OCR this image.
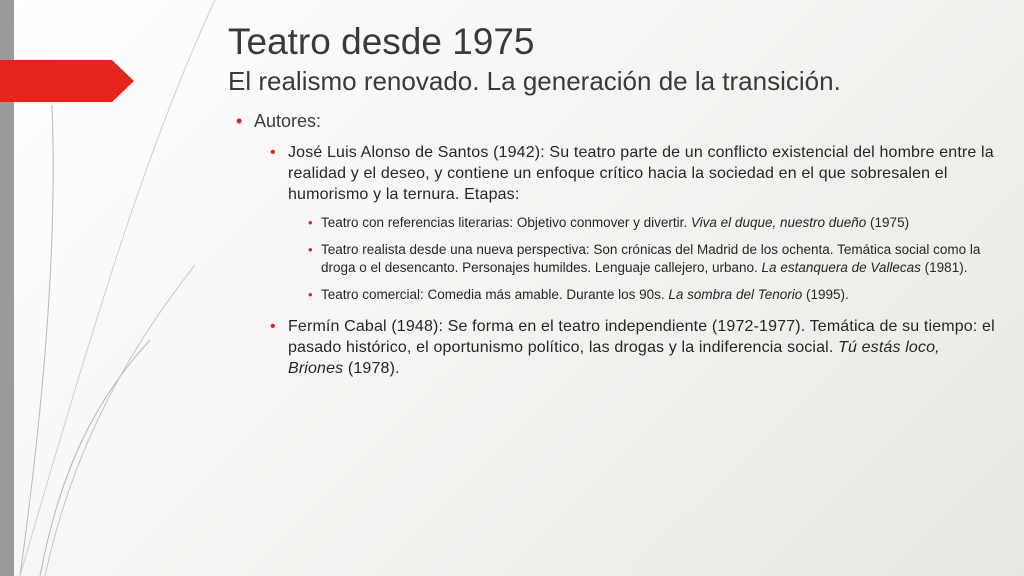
Teatro desde 1975
El realismo renovado. La generación de la transición.
• Autores:
• José Luis Alonso de Santos (1942): Su teatro parte de un conflicto existencial del hombre entre la realidad y el deseo, y contiene un enfoque crítico hacia la sociedad en el que sobresalen el humorismo y la ternura. Etapas:
• Teatro con referencias literarias: Objetivo conmover y divertir. Viva el duque, nuestro dueño (1975)
• Teatro realista desde una nueva perspectiva: Son crónicas del Madrid de los ochenta. Temática social como la droga o el desencanto. Personajes humildes. Lenguaje callejero, urbano. La estanquera de Vallecas (1981).
• Teatro comercial: Comedia más amable. Durante los 90s. La sombra del Tenorio (1995).
• Fermín Cabal (1948): Se forma en el teatro independiente (1972-1977). Temática de su tiempo: el pasado histórico, el oportunismo político, las drogas y la indiferencia social. Tú estás loco, Briones (1978).
